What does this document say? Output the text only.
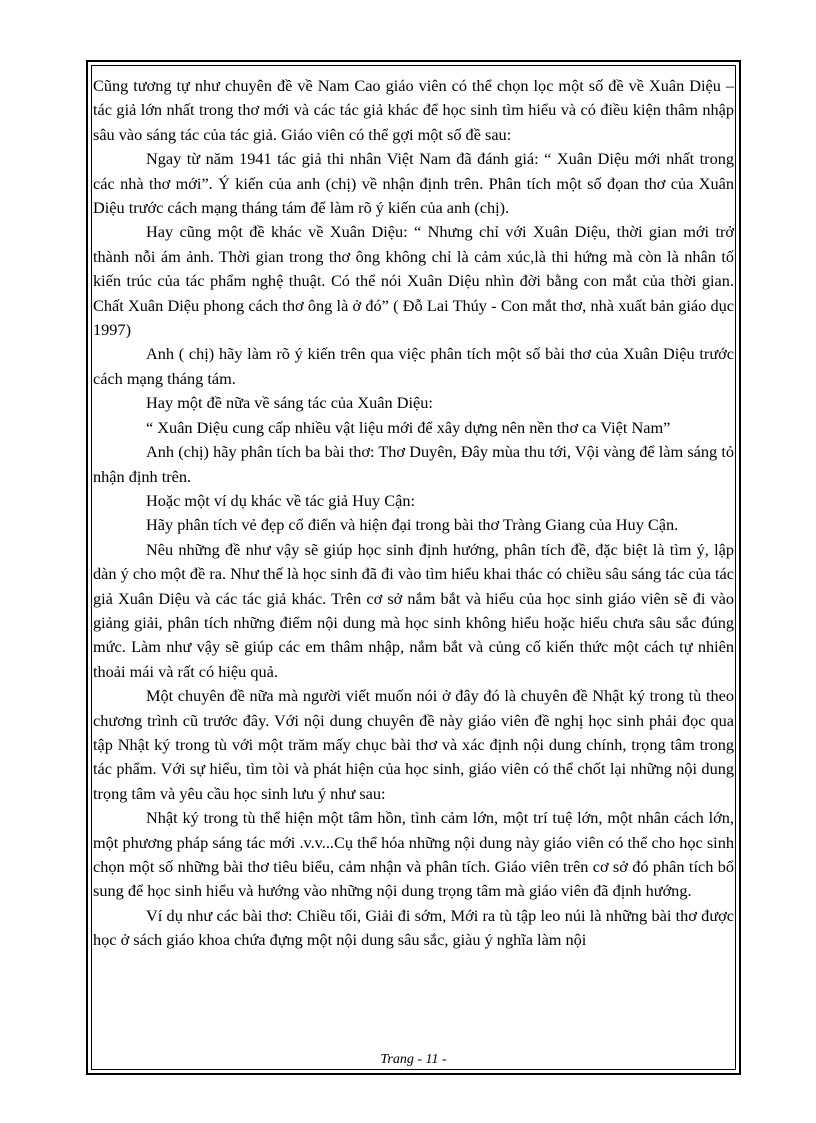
Cũng tương tự như chuyên đề về Nam Cao giáo viên có thể chọn lọc một số đề về Xuân Diệu – tác giả lớn nhất trong thơ mới và các tác giả khác để học sinh tìm hiểu và có điều kiện thâm nhập sâu vào sáng tác của tác giả. Giáo viên có thể gợi một số đề sau:

Ngay từ năm 1941 tác giả thi nhân Việt Nam đã đánh giá: “ Xuân Diệu mới nhất trong các nhà thơ mới”. Ý kiến của anh (chị) về nhận định trên. Phân tích một số đọan thơ của Xuân Diệu trước cách mạng tháng tám để làm rõ ý kiến của anh (chị).

Hay cũng một đề khác về Xuân Diệu: “ Nhưng chỉ với Xuân Diệu, thời gian mới trở thành nỗi ám ảnh. Thời gian trong thơ ông không chỉ là cảm xúc,là thi hứng mà còn là nhân tố kiến trúc của tác phẩm nghệ thuật. Có thể nói Xuân Diệu nhìn đời bằng con mắt của thời gian. Chất Xuân Diệu phong cách thơ ông là ở đó” ( Đỗ Lai Thúy - Con mắt thơ, nhà xuất bản giáo dục 1997)

Anh ( chị) hãy làm rõ ý kiến trên qua việc phân tích một số bài thơ của Xuân Diệu trước cách mạng tháng tám.

Hay một đề nữa về sáng tác của Xuân Diệu:

“ Xuân Diệu cung cấp nhiều vật liệu mới để xây dựng nên nền thơ ca Việt Nam”

Anh (chị) hãy phân tích ba bài thơ: Thơ Duyên, Đây mùa thu tới, Vội vàng để làm sáng tỏ nhận định trên.

Hoặc một ví dụ khác về tác giả Huy Cận:

Hãy phân tích vẻ đẹp cổ điển và hiện đại trong bài thơ Tràng Giang của Huy Cận.

Nêu những đề như vậy sẽ giúp học sinh định hướng, phân tích đề, đặc biệt là tìm ý, lập dàn ý cho một đề ra. Như thế là học sinh đã đi vào tìm hiểu khai thác có chiều sâu sáng tác của tác giả Xuân Diệu và các tác giả khác. Trên cơ sở nắm bắt và hiểu của học sinh giáo viên sẽ đi vào giảng giải, phân tích những điểm nội dung mà học sinh không hiểu hoặc hiểu chưa sâu sắc đúng mức. Làm như vậy sẽ giúp các em thâm nhập, nắm bắt và củng cố kiến thức một cách tự nhiên thoải mái và rất có hiệu quả.

Một chuyên đề nữa mà người viết muốn nói ở đây đó là chuyên đề Nhật ký trong tù theo chương trình cũ trước đây. Với nội dung chuyên đề này giáo viên đề nghị học sinh phải đọc qua tập Nhật ký trong tù với một trăm mấy chục bài thơ và xác định nội dung chính, trọng tâm trong tác phẩm. Với sự hiểu, tìm tòi và phát hiện của học sinh, giáo viên có thể chốt lại những nội dung trọng tâm và yêu cầu học sinh lưu ý như sau:

Nhật ký trong tù thể hiện một tâm hồn, tình cảm lớn, một trí tuệ lớn, một nhân cách lớn, một phương pháp sáng tác mới .v.v...Cụ thể hóa những nội dung này giáo viên có thể cho học sinh chọn một số những bài thơ tiêu biểu, cảm nhận và phân tích. Giáo viên trên cơ sở đó phân tích bổ sung để học sinh hiểu và hướng vào những nội dung trọng tâm mà giáo viên đã định hướng.

Ví dụ như các bài thơ: Chiều tối, Giải đi sớm, Mới ra tù tập leo núi là những bài thơ được học ở sách giáo khoa chứa đựng một nội dung sâu sắc, giàu ý nghĩa làm nội

Trang - 11 -
